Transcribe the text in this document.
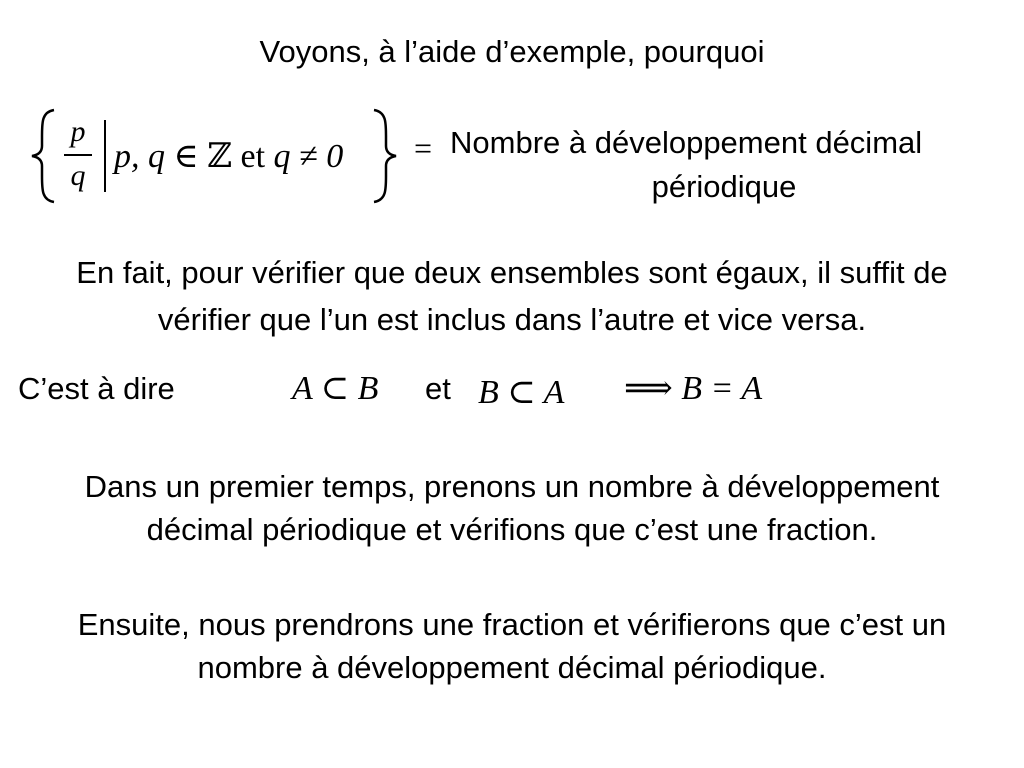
Voyons, à l’aide d’exemple, pourquoi
p
q
p, q ∈ ℤ et q ≠ 0 = Nombre à développement décimal
périodique
En fait, pour vérifier que deux ensembles sont égaux, il suffit de
vérifier que l’un est inclus dans l’autre et vice versa.
C’est à dire	A ⊂ B et B ⊂ A ⟹ B = A
Dans un premier temps, prenons un nombre à développement
décimal périodique et vérifions que c’est une fraction.
Ensuite, nous prendrons une fraction et vérifierons que c’est un
nombre à développement décimal périodique.
